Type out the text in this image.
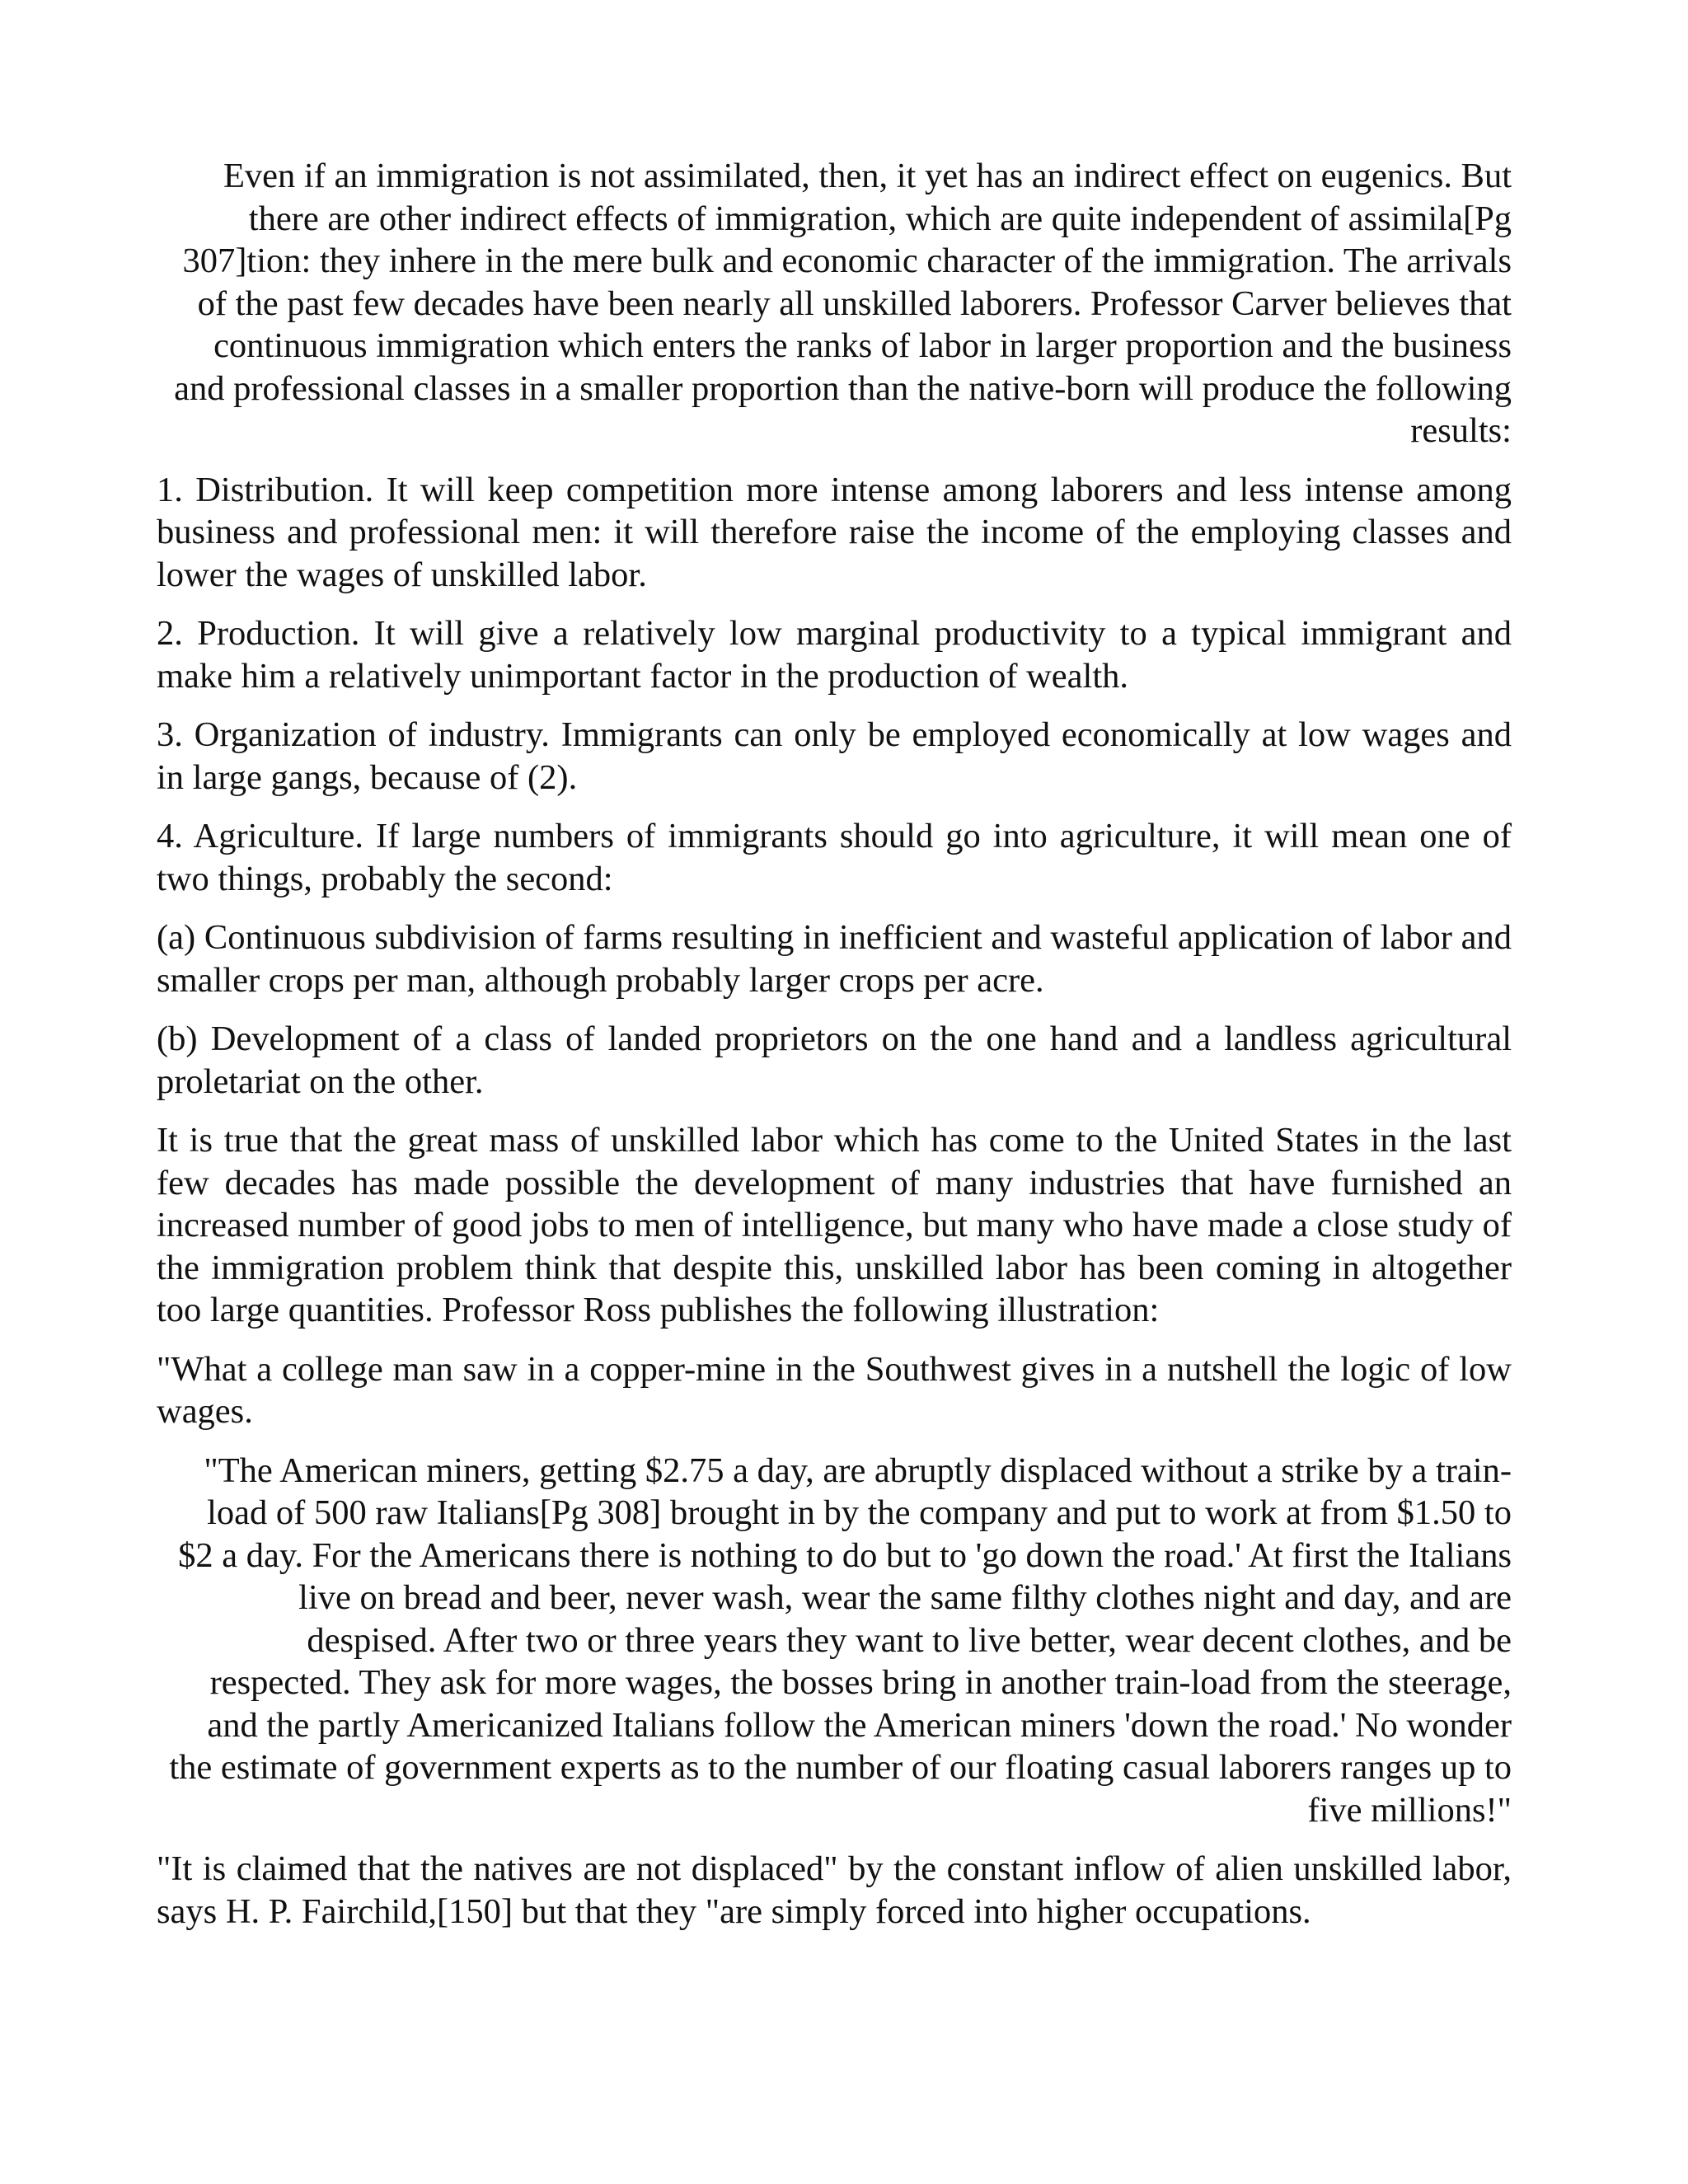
Even if an immigration is not assimilated, then, it yet has an indirect effect on eugenics. But there are other indirect effects of immigration, which are quite independent of assimila[Pg 307]tion: they inhere in the mere bulk and economic character of the immigration. The arrivals of the past few decades have been nearly all unskilled laborers. Professor Carver believes that continuous immigration which enters the ranks of labor in larger proportion and the business and professional classes in a smaller proportion than the native-born will produce the following results:

1. Distribution. It will keep competition more intense among laborers and less intense among business and professional men: it will therefore raise the income of the employing classes and lower the wages of unskilled labor.

2. Production. It will give a relatively low marginal productivity to a typical immigrant and make him a relatively unimportant factor in the production of wealth.

3. Organization of industry. Immigrants can only be employed economically at low wages and in large gangs, because of (2).

4. Agriculture. If large numbers of immigrants should go into agriculture, it will mean one of two things, probably the second:

(a) Continuous subdivision of farms resulting in inefficient and wasteful application of labor and smaller crops per man, although probably larger crops per acre.

(b) Development of a class of landed proprietors on the one hand and a landless agricultural proletariat on the other.

It is true that the great mass of unskilled labor which has come to the United States in the last few decades has made possible the development of many industries that have furnished an increased number of good jobs to men of intelligence, but many who have made a close study of the immigration problem think that despite this, unskilled labor has been coming in altogether too large quantities. Professor Ross publishes the following illustration:

"What a college man saw in a copper-mine in the Southwest gives in a nutshell the logic of low wages.

"The American miners, getting $2.75 a day, are abruptly displaced without a strike by a train-load of 500 raw Italians[Pg 308] brought in by the company and put to work at from $1.50 to $2 a day. For the Americans there is nothing to do but to 'go down the road.' At first the Italians live on bread and beer, never wash, wear the same filthy clothes night and day, and are despised. After two or three years they want to live better, wear decent clothes, and be respected. They ask for more wages, the bosses bring in another train-load from the steerage, and the partly Americanized Italians follow the American miners 'down the road.' No wonder the estimate of government experts as to the number of our floating casual laborers ranges up to five millions!"

"It is claimed that the natives are not displaced" by the constant inflow of alien unskilled labor, says H. P. Fairchild,[150] but that they "are simply forced into higher occupations.
